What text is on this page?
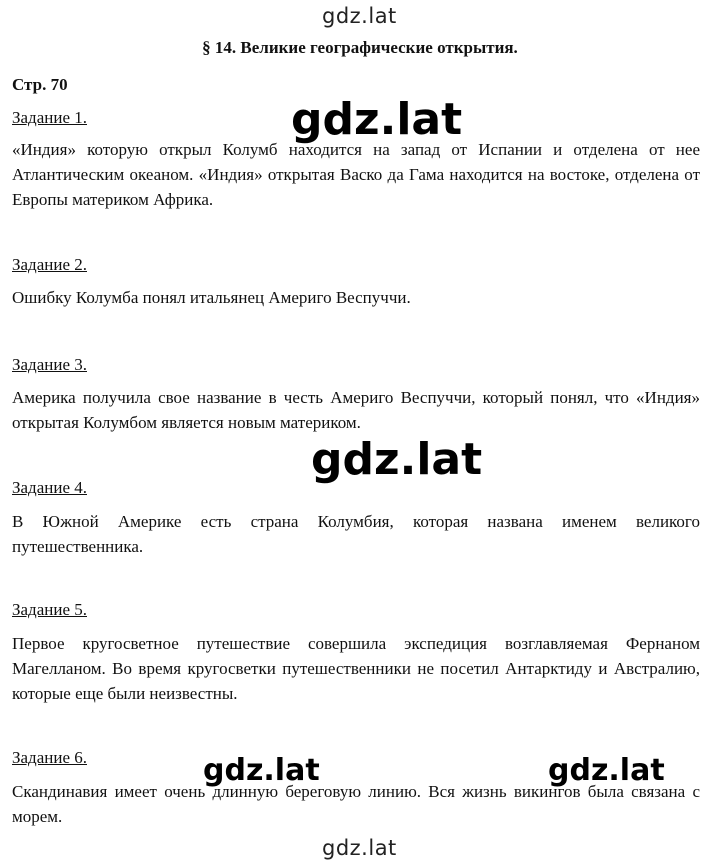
gdz.lat
§ 14. Великие географические открытия.
Стр. 70
Задание 1.
«Индия» которую открыл Колумб находится на запад от Испании и отделена от нее Атлантическим океаном. «Индия» открытая Васко да Гама находится на востоке, отделена от Европы материком Африка.
Задание 2.
Ошибку Колумба понял итальянец Америго Веспуччи.
Задание 3.
Америка получила свое название в честь Америго Веспуччи, который понял, что «Индия» открытая Колумбом является новым материком.
Задание 4.
В Южной Америке есть страна Колумбия, которая названа именем великого путешественника.
Задание 5.
Первое кругосветное путешествие совершила экспедиция возглавляемая Фернаном Магелланом. Во время кругосветки путешественники не посетил Антарктиду и Австралию, которые еще были неизвестны.
Задание 6.
Скандинавия имеет очень длинную береговую линию. Вся жизнь викингов была связана с морем.
gdz.lat
gdz.lat
gdz.lat	gdz.lat
gdz.lat
